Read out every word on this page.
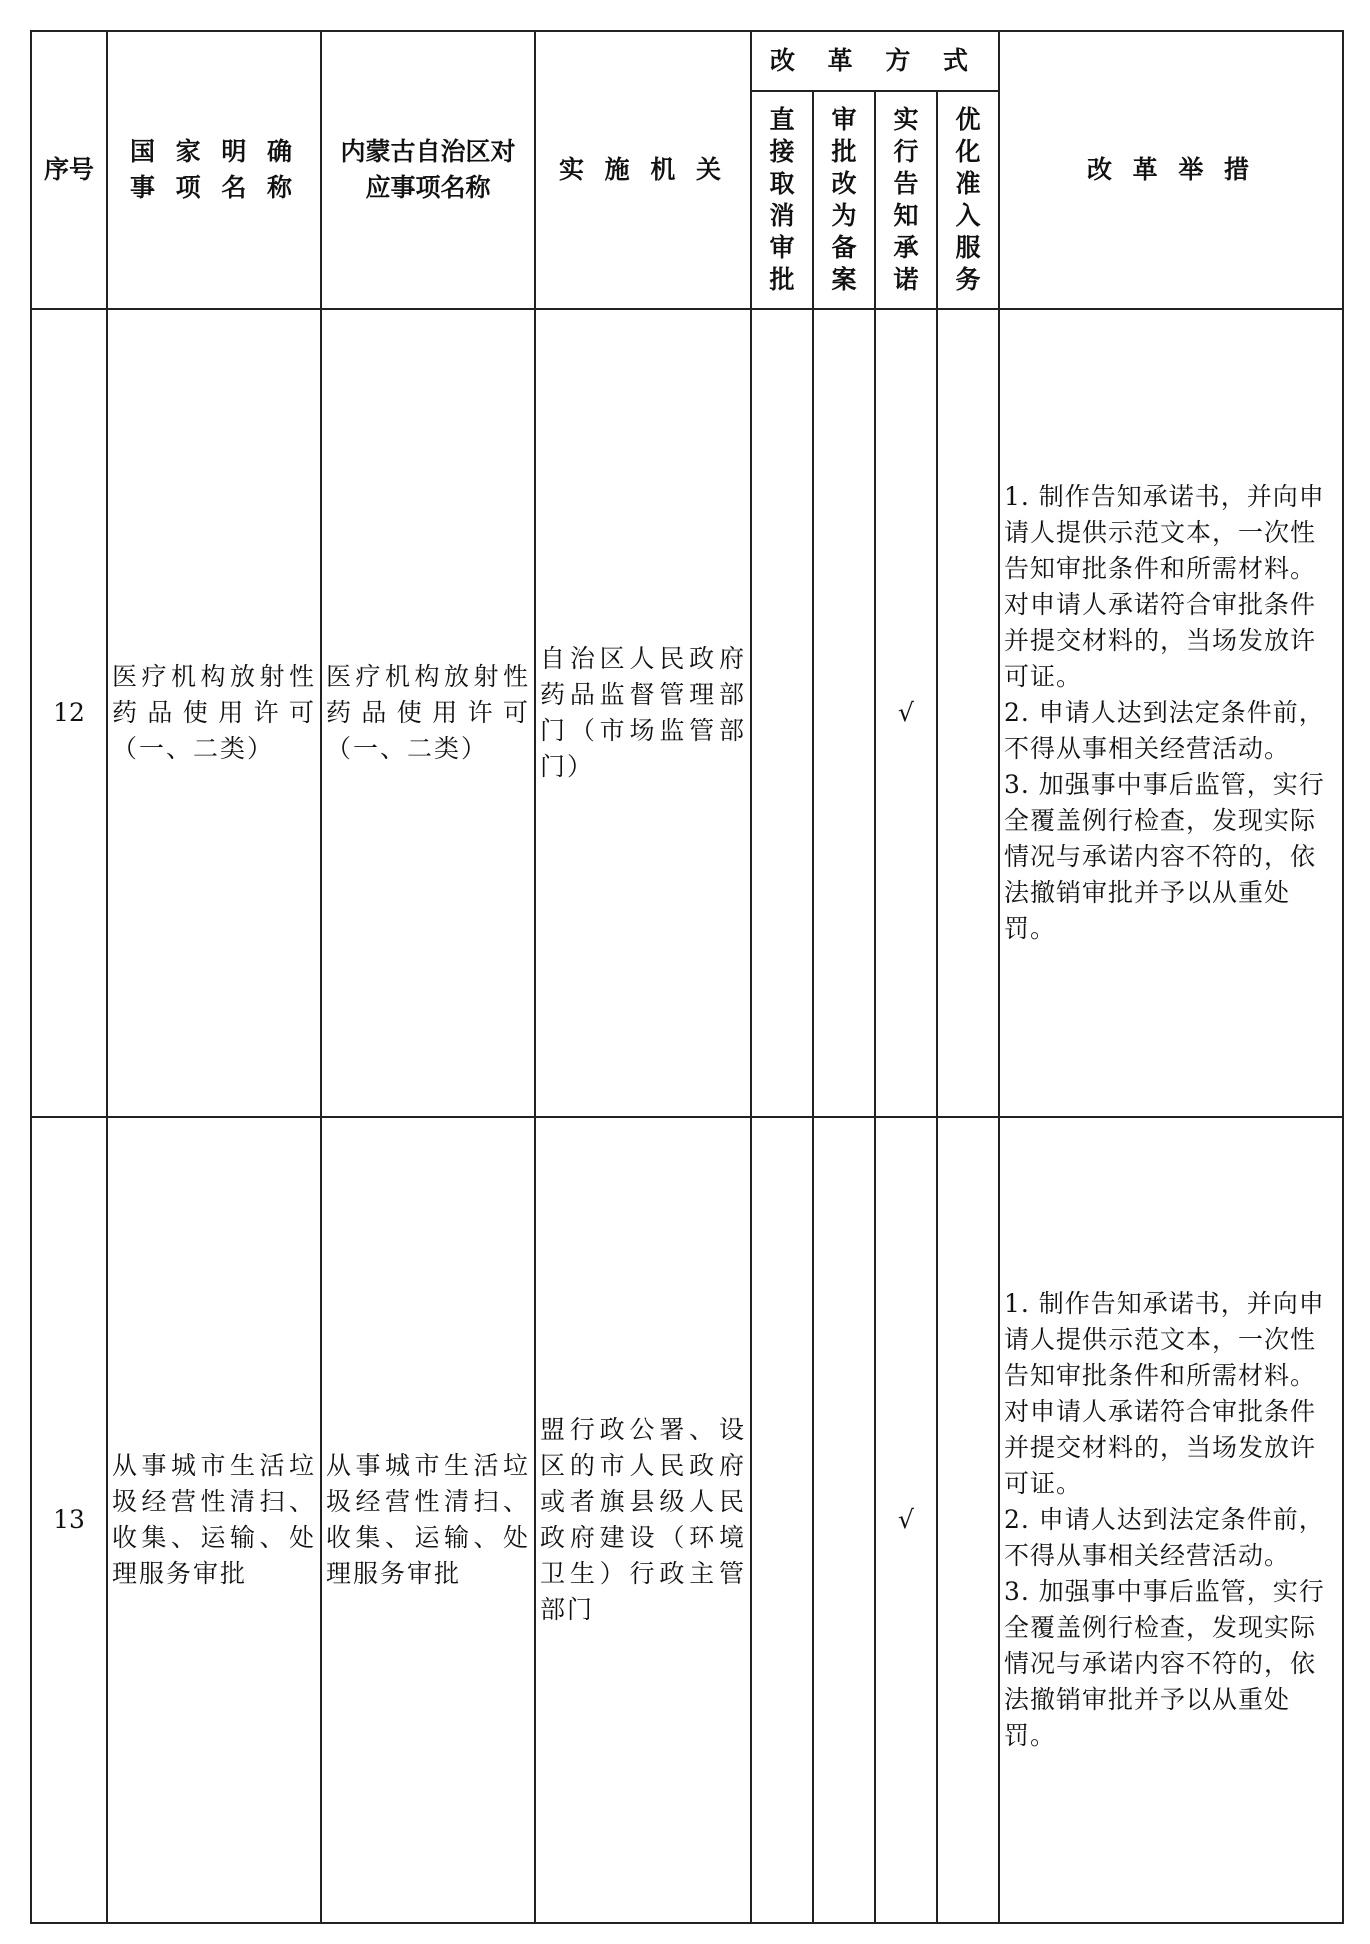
序号	国 家 明 确 事 项 名 称	内蒙古自治区对应事项名称	实 施 机 关	改 革 方 式				改 革 举 措

				直接取消审批	审批改为备案	实行告知承诺	优化准入服务	

12	医疗机构放射性药品使用许可（一、二类）	医疗机构放射性药品使用许可（一、二类）	自治区人民政府药品监督管理部门（市场监管部门）			√		1. 制作告知承诺书，并向申请人提供示范文本，一次性告知审批条件和所需材料。对申请人承诺符合审批条件并提交材料的，当场发放许可证。
2. 申请人达到法定条件前，不得从事相关经营活动。
3. 加强事中事后监管，实行全覆盖例行检查，发现实际情况与承诺内容不符的，依法撤销审批并予以从重处罚。

13	从事城市生活垃圾经营性清扫、收集、运输、处理服务审批	从事城市生活垃圾经营性清扫、收集、运输、处理服务审批	盟行政公署、设区的市人民政府或者旗县级人民政府建设（环境卫生）行政主管部门			√		1. 制作告知承诺书，并向申请人提供示范文本，一次性告知审批条件和所需材料。对申请人承诺符合审批条件并提交材料的，当场发放许可证。
2. 申请人达到法定条件前，不得从事相关经营活动。
3. 加强事中事后监管，实行全覆盖例行检查，发现实际情况与承诺内容不符的，依法撤销审批并予以从重处罚。
